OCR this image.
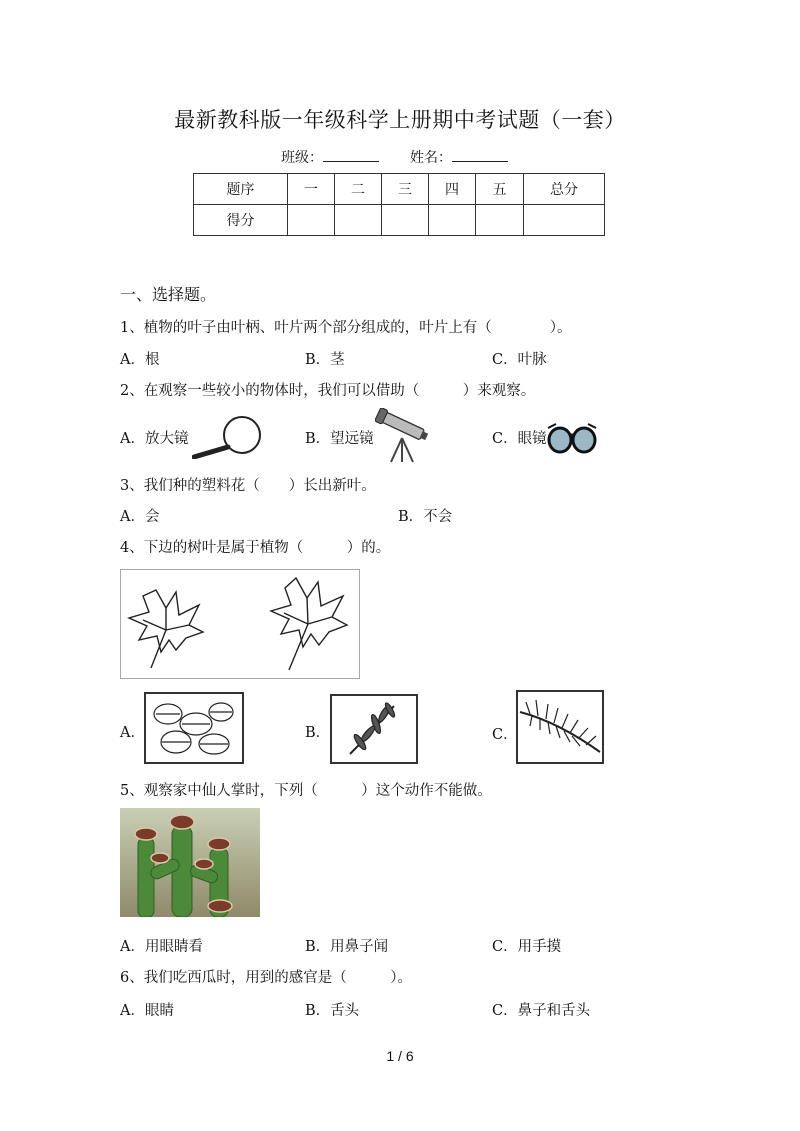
最新教科版一年级科学上册期中考试题（一套）
班级：	姓名：
题序	一	二	三	四	五	总分
得分						
一、选择题。
1、植物的叶子由叶柄、叶片两个部分组成的，叶片上有（　　　　）。
A．根	B．茎	C．叶脉
2、在观察一些较小的物体时，我们可以借助（　　　）来观察。
A．放大镜	B．望远镜	C．眼镜
3、我们种的塑料花（　　）长出新叶。
A．会	B．不会
4、下边的树叶是属于植物（　　　）的。
A．	B．	C．
5、观察家中仙人掌时，下列（　　　）这个动作不能做。
A．用眼睛看	B．用鼻子闻	C．用手摸
6、我们吃西瓜时，用到的感官是（　　　）。
A．眼睛	B．舌头	C．鼻子和舌头
1 / 6
